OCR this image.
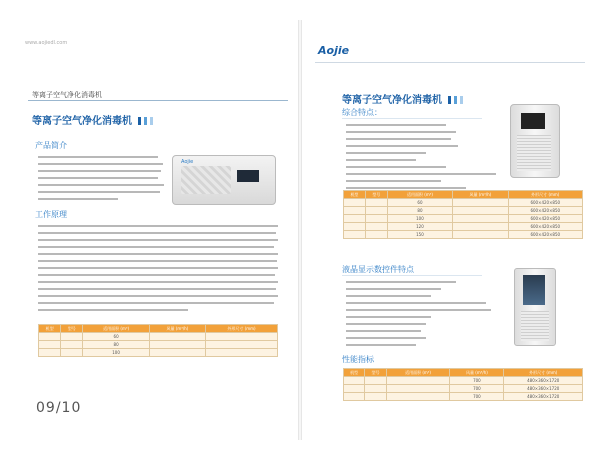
www.aojiedl.com
等离子空气净化消毒机
等离子空气净化消毒机
产品简介
Aojie
工作原理
机型	型号	适用面积 (m³)	风量 (m³/h)	外形尺寸 (mm)
		60		
		80		
		100		
09/10
Aojie
等离子空气净化消毒机
综合特点：
机型	型号	适用面积 (m³)	风量 (m³/h)	外形尺寸 (mm)
		60		600×420×850
		80		600×420×850
		100		600×420×850
		120		600×420×850
		150		600×420×850
液晶显示数控件特点
性能指标
机型	型号	适用面积 (m³)	风量 (m³/h)	外形尺寸 (mm)
			700	480×360×1720
			700	480×360×1720
			700	480×360×1720
